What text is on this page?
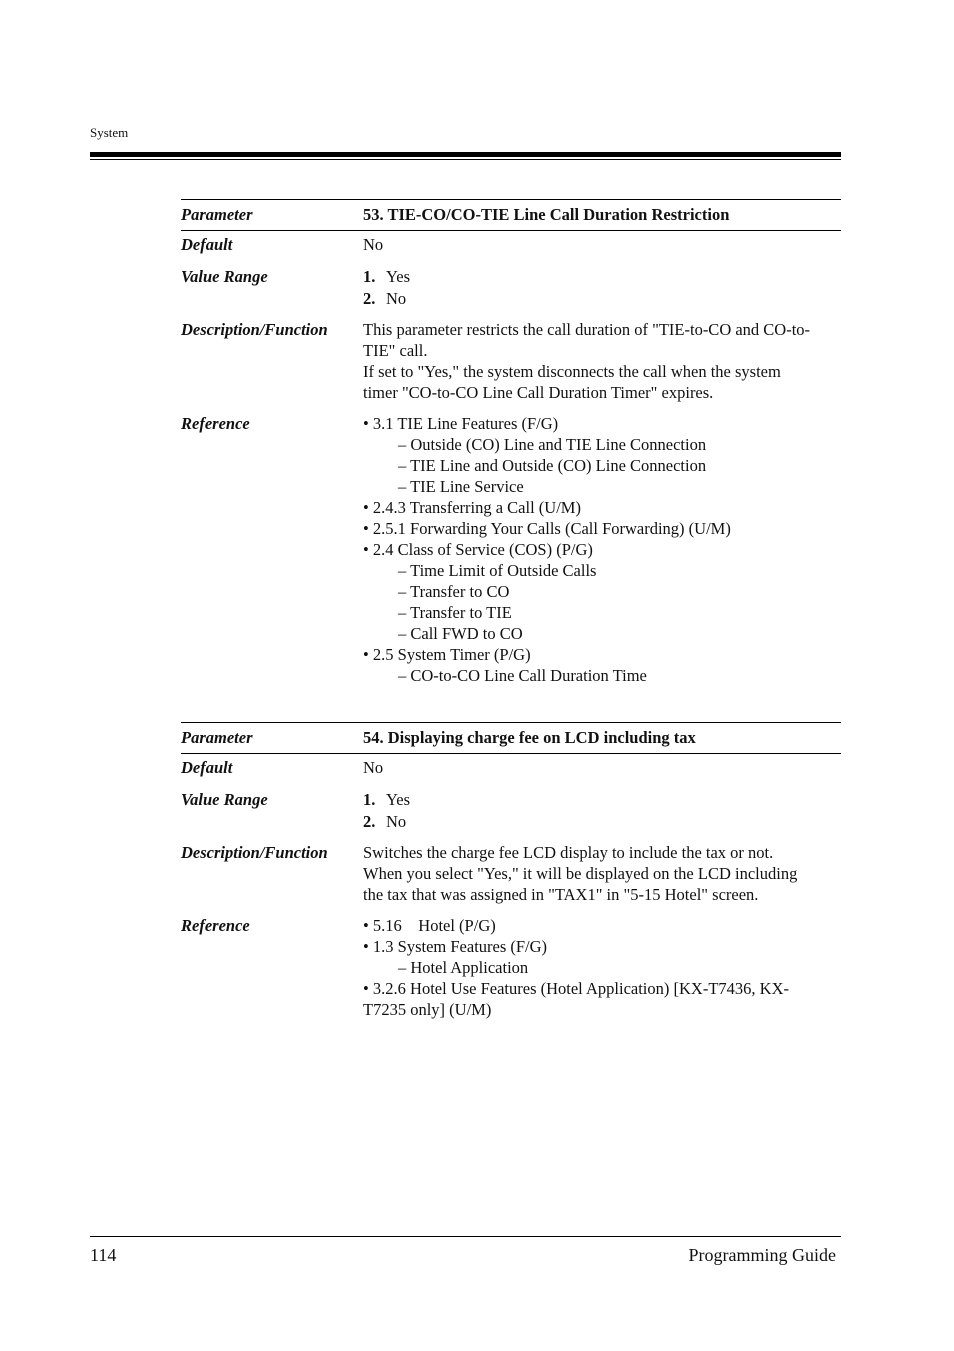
System
Parameter	53. TIE-CO/CO-TIE Line Call Duration Restriction
Default	No
Value Range	1. Yes
2. No
Description/Function	This parameter restricts the call duration of "TIE-to-CO and CO-to-
TIE" call.
If set to "Yes," the system disconnects the call when the system
timer "CO-to-CO Line Call Duration Timer" expires.
Reference	• 3.1 TIE Line Features (F/G)
– Outside (CO) Line and TIE Line Connection
– TIE Line and Outside (CO) Line Connection
– TIE Line Service
• 2.4.3 Transferring a Call (U/M)
• 2.5.1 Forwarding Your Calls (Call Forwarding) (U/M)
• 2.4 Class of Service (COS) (P/G)
– Time Limit of Outside Calls
– Transfer to CO
– Transfer to TIE
– Call FWD to CO
• 2.5 System Timer (P/G)
– CO-to-CO Line Call Duration Time
Parameter	54. Displaying charge fee on LCD including tax
Default	No
Value Range	1. Yes
2. No
Description/Function	Switches the charge fee LCD display to include the tax or not.
When you select "Yes," it will be displayed on the LCD including
the tax that was assigned in "TAX1" in "5-15 Hotel" screen.
Reference	• 5.16    Hotel (P/G)
• 1.3 System Features (F/G)
– Hotel Application
• 3.2.6 Hotel Use Features (Hotel Application) [KX-T7436, KX-
T7235 only] (U/M)
114	Programming Guide
